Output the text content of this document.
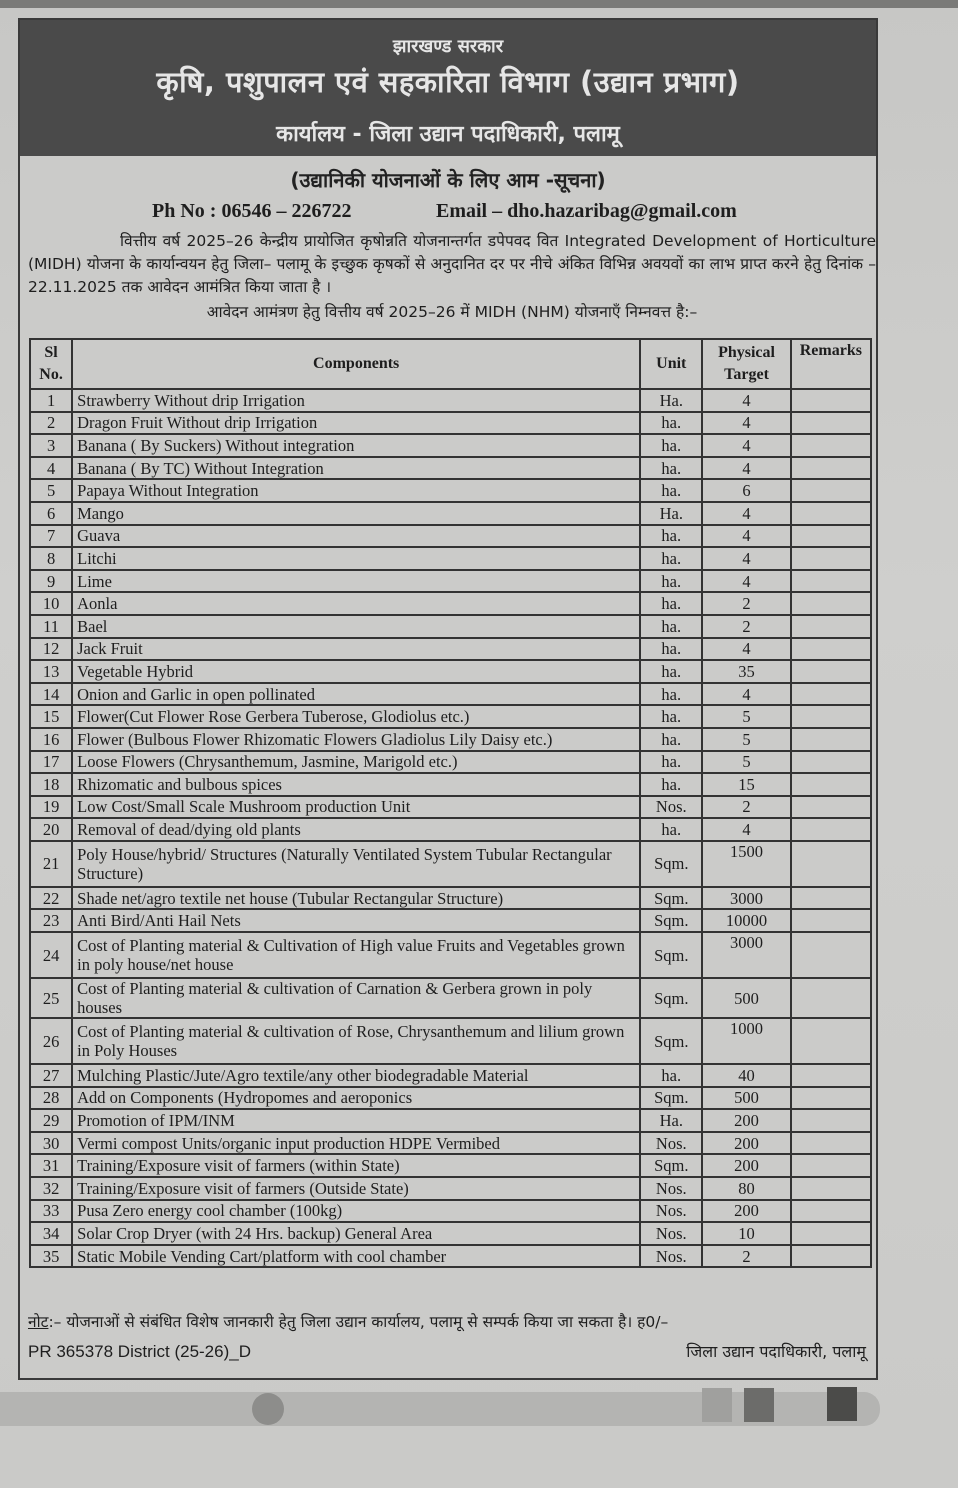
झारखण्ड सरकार
कृषि, पशुपालन एवं सहकारिता विभाग (उद्यान प्रभाग)
कार्यालय - जिला उद्यान पदाधिकारी, पलामू
(उद्यानिकी योजनाओं के लिए आम -सूचना)
Ph No : 06546 – 226722	Email – dho.hazaribag@gmail.com
वित्तीय वर्ष 2025–26 केन्द्रीय प्रायोजित कृषोन्नति योजनान्तर्गत डपेपवद वित Integrated Development of Horticulture (MIDH) योजना के कार्यान्वयन हेतु जिला– पलामू के इच्छुक कृषकों से अनुदानित दर पर नीचे अंकित विभिन्न अवयवों का लाभ प्राप्त करने हेतु दिनांक – 22.11.2025 तक आवेदन आमंत्रित किया जाता है ।
आवेदन आमंत्रण हेतु वित्तीय वर्ष 2025–26 में MIDH (NHM) योजनाएँ निम्नवत्त है:–
Sl No.	Components	Unit	Physical Target	Remarks
1	Strawberry Without drip Irrigation	Ha.	4	
2	Dragon Fruit Without drip Irrigation	ha.	4	
3	Banana ( By Suckers) Without integration	ha.	4	
4	Banana ( By TC) Without Integration	ha.	4	
5	Papaya Without Integration	ha.	6	
6	Mango	Ha.	4	
7	Guava	ha.	4	
8	Litchi	ha.	4	
9	Lime	ha.	4	
10	Aonla	ha.	2	
11	Bael	ha.	2	
12	Jack Fruit	ha.	4	
13	Vegetable Hybrid	ha.	35	
14	Onion and Garlic in open pollinated	ha.	4	
15	Flower(Cut Flower Rose Gerbera Tuberose, Glodiolus etc.)	ha.	5	
16	Flower (Bulbous Flower Rhizomatic Flowers Gladiolus Lily Daisy etc.)	ha.	5	
17	Loose Flowers (Chrysanthemum, Jasmine, Marigold etc.)	ha.	5	
18	Rhizomatic and bulbous spices	ha.	15	
19	Low Cost/Small Scale Mushroom production Unit	Nos.	2	
20	Removal of dead/dying old plants	ha.	4	
21	Poly House/hybrid/ Structures (Naturally Ventilated System Tubular Rectangular Structure)	Sqm.	1500	
22	Shade net/agro textile net house (Tubular Rectangular Structure)	Sqm.	3000	
23	Anti Bird/Anti Hail Nets	Sqm.	10000	
24	Cost of Planting material & Cultivation of High value Fruits and Vegetables grown in poly house/net house	Sqm.	3000	
25	Cost of Planting material & cultivation of Carnation & Gerbera grown in poly houses	Sqm.	500	
26	Cost of Planting material & cultivation of Rose, Chrysanthemum and lilium grown in Poly Houses	Sqm.	1000	
27	Mulching Plastic/Jute/Agro textile/any other biodegradable Material	ha.	40	
28	Add on Components (Hydropomes and aeroponics	Sqm.	500	
29	Promotion of IPM/INM	Ha.	200	
30	Vermi compost Units/organic input production HDPE Vermibed	Nos.	200	
31	Training/Exposure visit of farmers (within State)	Sqm.	200	
32	Training/Exposure visit of farmers (Outside State)	Nos.	80	
33	Pusa Zero energy cool chamber (100kg)	Nos.	200	
34	Solar Crop Dryer (with 24 Hrs. backup) General Area	Nos.	10	
35	Static Mobile Vending Cart/platform with cool chamber	Nos.	2	
नोट:– योजनाओं से संबंधित विशेष जानकारी हेतु जिला उद्यान कार्यालय, पलामू से सम्पर्क किया जा सकता है। ह0/–
PR 365378 District (25-26)_D	जिला उद्यान पदाधिकारी, पलामू
